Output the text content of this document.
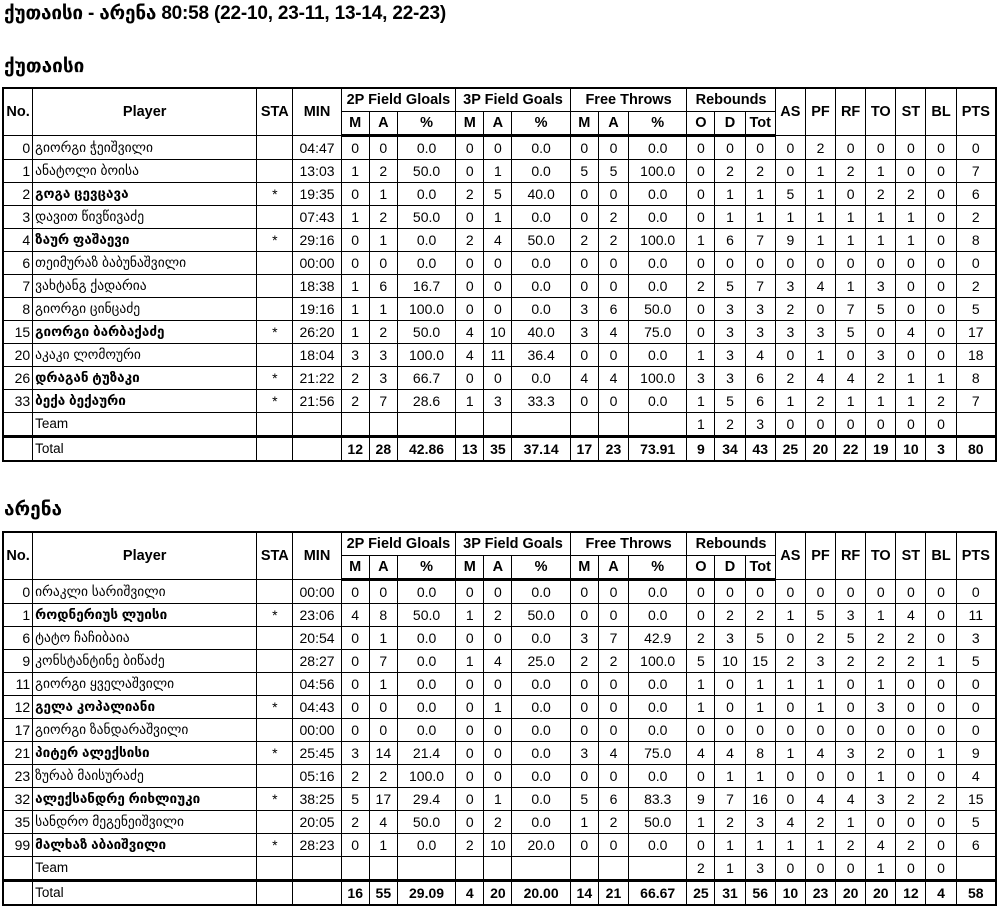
ქუთაისი - არენა 80:58 (22-10, 23-11, 13-14, 22-23)
ქუთაისი
No.	Player	STA	MIN	2P Field Gloals			3P Field Goals			Free Throws			Rebounds			AS	PF	RF	TO	ST	BL	PTS
				M	A	%	M	A	%	M	A	%	O	D	Tot							
0	გიორგი ჭეიშვილი		04:47	0	0	0.0	0	0	0.0	0	0	0.0	0	0	0	0	2	0	0	0	0	0
1	ანატოლი ბოისა		13:03	1	2	50.0	0	1	0.0	5	5	100.0	0	2	2	0	1	2	1	0	0	7
2	გოგა ცევცავა	*	19:35	0	1	0.0	2	5	40.0	0	0	0.0	0	1	1	5	1	0	2	2	0	6
3	დავით წივწივაძე		07:43	1	2	50.0	0	1	0.0	0	2	0.0	0	1	1	1	1	1	1	1	0	2
4	ზაურ ფაშაევი	*	29:16	0	1	0.0	2	4	50.0	2	2	100.0	1	6	7	9	1	1	1	1	0	8
6	თეიმურაზ ბაბუნაშვილი		00:00	0	0	0.0	0	0	0.0	0	0	0.0	0	0	0	0	0	0	0	0	0	0
7	ვახტანგ ქადარია		18:38	1	6	16.7	0	0	0.0	0	0	0.0	2	5	7	3	4	1	3	0	0	2
8	გიორგი ცინცაძე		19:16	1	1	100.0	0	0	0.0	3	6	50.0	0	3	3	2	0	7	5	0	0	5
15	გიორგი ბარბაქაძე	*	26:20	1	2	50.0	4	10	40.0	3	4	75.0	0	3	3	3	3	5	0	4	0	17
20	აკაკი ლომოური		18:04	3	3	100.0	4	11	36.4	0	0	0.0	1	3	4	0	1	0	3	0	0	18
26	დრაგან ტუზაკი	*	21:22	2	3	66.7	0	0	0.0	4	4	100.0	3	3	6	2	4	4	2	1	1	8
33	ბექა ბექაური	*	21:56	2	7	28.6	1	3	33.3	0	0	0.0	1	5	6	1	2	1	1	1	2	7
	Team												1	2	3	0	0	0	0	0	0	
	Total			12	28	42.86	13	35	37.14	17	23	73.91	9	34	43	25	20	22	19	10	3	80
არენა
No.	Player	STA	MIN	2P Field Gloals			3P Field Goals			Free Throws			Rebounds			AS	PF	RF	TO	ST	BL	PTS
				M	A	%	M	A	%	M	A	%	O	D	Tot							
0	ირაკლი სარიშვილი		00:00	0	0	0.0	0	0	0.0	0	0	0.0	0	0	0	0	0	0	0	0	0	0
1	როდნერიუს ლუისი	*	23:06	4	8	50.0	1	2	50.0	0	0	0.0	0	2	2	1	5	3	1	4	0	11
6	ტატო ჩაჩიბაია		20:54	0	1	0.0	0	0	0.0	3	7	42.9	2	3	5	0	2	5	2	2	0	3
9	კონსტანტინე ბიწაძე		28:27	0	7	0.0	1	4	25.0	2	2	100.0	5	10	15	2	3	2	2	2	1	5
11	გიორგი ყველაშვილი		04:56	0	1	0.0	0	0	0.0	0	0	0.0	1	0	1	1	1	0	1	0	0	0
12	გელა კოპალიანი	*	04:43	0	0	0.0	0	1	0.0	0	0	0.0	1	0	1	0	1	0	3	0	0	0
17	გიორგი ზანდარაშვილი		00:00	0	0	0.0	0	0	0.0	0	0	0.0	0	0	0	0	0	0	0	0	0	0
21	პიტერ ალექსისი	*	25:45	3	14	21.4	0	0	0.0	3	4	75.0	4	4	8	1	4	3	2	0	1	9
23	ზურაბ მაისურაძე		05:16	2	2	100.0	0	0	0.0	0	0	0.0	0	1	1	0	0	0	1	0	0	4
32	ალექსანდრე რიხლიუკი	*	38:25	5	17	29.4	0	1	0.0	5	6	83.3	9	7	16	0	4	4	3	2	2	15
35	სანდრო მეგენეიშვილი		20:05	2	4	50.0	0	2	0.0	1	2	50.0	1	2	3	4	2	1	0	0	0	5
99	მალხაზ აბაიშვილი	*	28:23	0	1	0.0	2	10	20.0	0	0	0.0	0	1	1	1	1	2	4	2	0	6
	Team												2	1	3	0	0	0	1	0	0	
	Total			16	55	29.09	4	20	20.00	14	21	66.67	25	31	56	10	23	20	20	12	4	58
